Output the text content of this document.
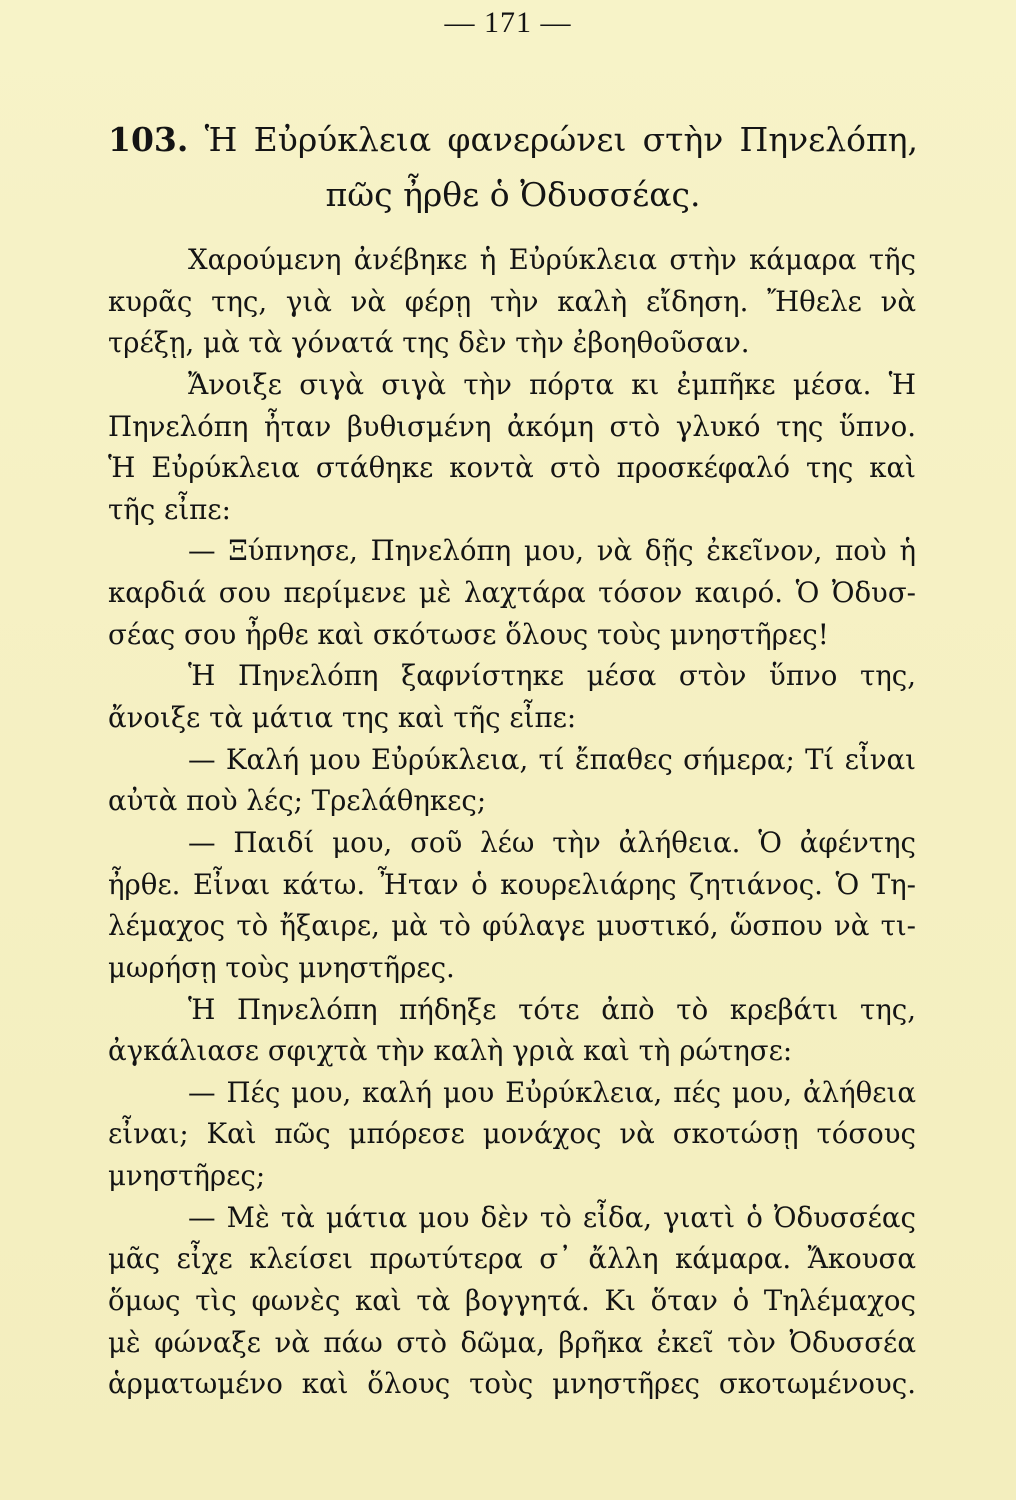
— 171 —
103. Ἡ Εὐρύκλεια φανερώνει στὴν Πηνελόπη,
πῶς ἦρθε ὁ Ὀδυσσέας.
Χαρούμενη ἀνέβηκε ἡ Εὐρύκλεια στὴν κάμαρα τῆς
κυρᾶς της, γιὰ νὰ φέρῃ τὴν καλὴ εἴδηση. Ἤθελε νὰ
τρέξῃ, μὰ τὰ γόνατά της δὲν τὴν ἐβοηθοῦσαν.
Ἄνοιξε σιγὰ σιγὰ τὴν πόρτα κι ἐμπῆκε μέσα. Ἡ
Πηνελόπη ἦταν βυθισμένη ἀκόμη στὸ γλυκό της ὕπνο.
Ἡ Εὐρύκλεια στάθηκε κοντὰ στὸ προσκέφαλό της καὶ
τῆς εἶπε:
— Ξύπνησε, Πηνελόπη μου, νὰ δῇς ἐκεῖνον, ποὺ ἡ
καρδιά σου περίμενε μὲ λαχτάρα τόσον καιρό. Ὁ Ὀδυσ-
σέας σου ἦρθε καὶ σκότωσε ὅλους τοὺς μνηστῆρες!
Ἡ Πηνελόπη ξαφνίστηκε μέσα στὸν ὕπνο της,
ἄνοιξε τὰ μάτια της καὶ τῆς εἶπε:
— Καλή μου Εὐρύκλεια, τί ἔπαθες σήμερα; Τί εἶναι
αὐτὰ ποὺ λές; Τρελάθηκες;
— Παιδί μου, σοῦ λέω τὴν ἀλήθεια. Ὁ ἀφέντης
ἦρθε. Εἶναι κάτω. Ἦταν ὁ κουρελιάρης ζητιάνος. Ὁ Τη-
λέμαχος τὸ ἤξαιρε, μὰ τὸ φύλαγε μυστικό, ὥσπου νὰ τι-
μωρήσῃ τοὺς μνηστῆρες.
Ἡ Πηνελόπη πήδηξε τότε ἀπὸ τὸ κρεβάτι της,
ἀγκάλιασε σφιχτὰ τὴν καλὴ γριὰ καὶ τὴ ρώτησε:
— Πές μου, καλή μου Εὐρύκλεια, πές μου, ἀλήθεια
εἶναι; Καὶ πῶς μπόρεσε μονάχος νὰ σκοτώσῃ τόσους
μνηστῆρες;
— Μὲ τὰ μάτια μου δὲν τὸ εἶδα, γιατὶ ὁ Ὀδυσσέας
μᾶς εἶχε κλείσει πρωτύτερα σ᾽ ἄλλη κάμαρα. Ἄκουσα
ὅμως τὶς φωνὲς καὶ τὰ βογγητά. Κι ὅταν ὁ Τηλέμαχος
μὲ φώναξε νὰ πάω στὸ δῶμα, βρῆκα ἐκεῖ τὸν Ὀδυσσέα
ἁρματωμένο καὶ ὅλους τοὺς μνηστῆρες σκοτωμένους.
